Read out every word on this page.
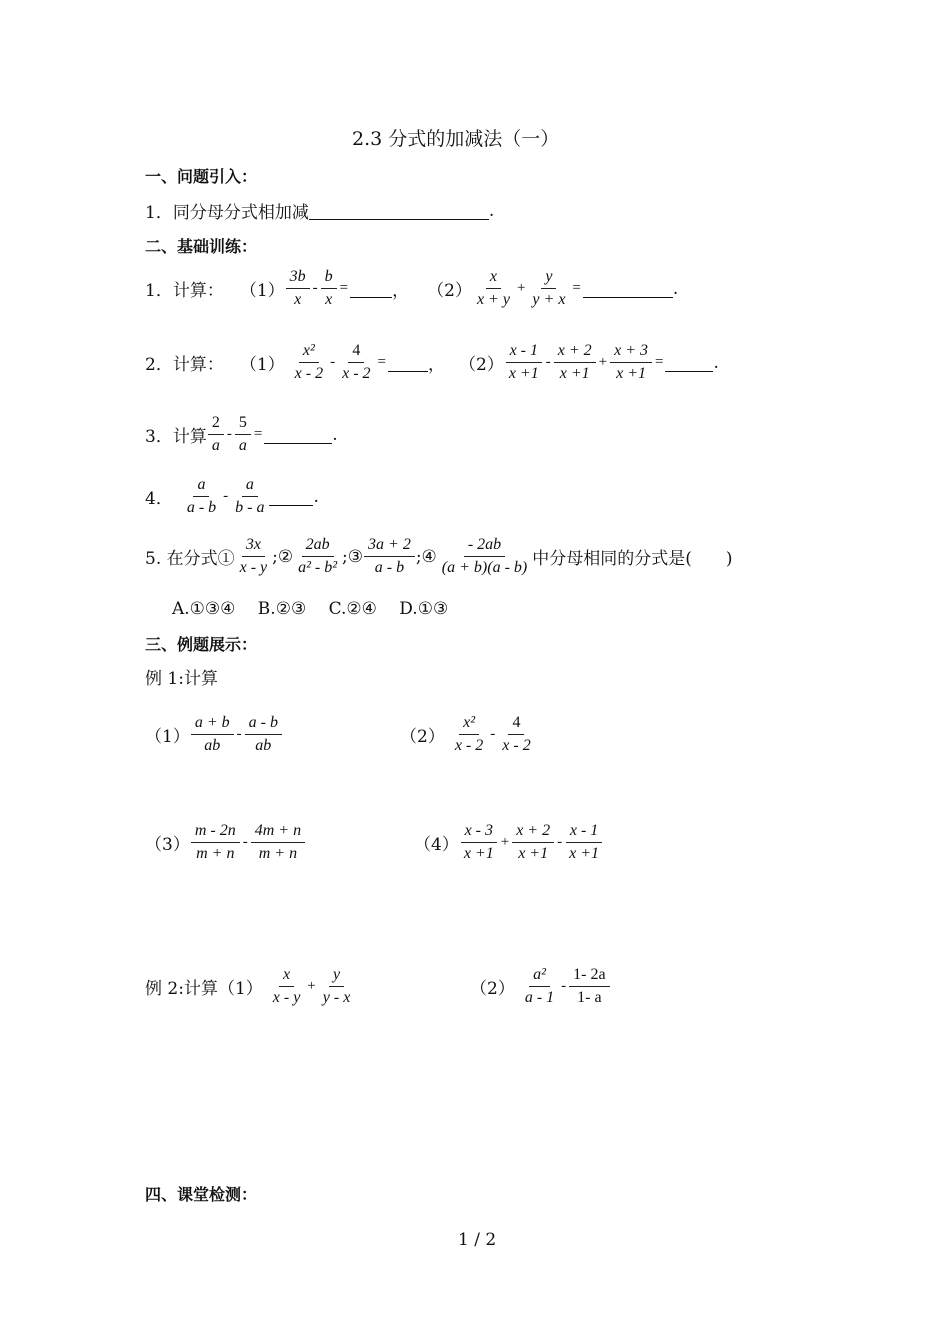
2.3 分式的加减法（一）
一、问题引入：
1．同分母分式相加减	.
二、基础训练：
1．计算： $(1) \frac{3b}{x} - \frac{b}{x}$ =	， $(2) \frac{x}{x + y} + \frac{y}{y + x}$ =	.
2．计算： $(1) \frac{\text{x²}}{x - 2} - \frac{4}{x - 2}$ = ， $(2) \frac{x - 1}{x +1} - \frac{x + 2}{x +1} + \frac{x + 3}{x +1}$ =	.
3．计算 $\frac{2}{a} - \frac{5}{a}$ =	.
4． $\frac{a}{a - b} - \frac{a}{b - a}$	.
5. 在分式① $\frac{3x}{x - y}$ ;② $\frac{2ab}{\text{a² - b²}}$ ;③ $\frac{3a + 2}{a - b}$ ;④ $\frac{- 2ab}{(a + b)(a - b)}$ 中分母相同的分式是(　　)
A.①③④　 B.②③　 C.②④　 D.①③
三、例题展示：
例 1:计算
$(1) \frac{a + b}{ab} - \frac{a - b}{ab}$	$(2) \frac{\text{x²}}{x - 2} - \frac{4}{x - 2}$
$(3) \frac{m - 2n}{m + n} - \frac{4m + n}{m + n}$	$(4) \frac{x - 3}{x +1} + \frac{x + 2}{x +1} - \frac{x - 1}{x +1}$
例 2:计算$(1) \frac{x}{x - y} + \frac{y}{y - x}$	$(2) \frac{\text{a²}}{a - 1} - \frac{1- 2a}{1- a}$
四、课堂检测：
1 / 2
